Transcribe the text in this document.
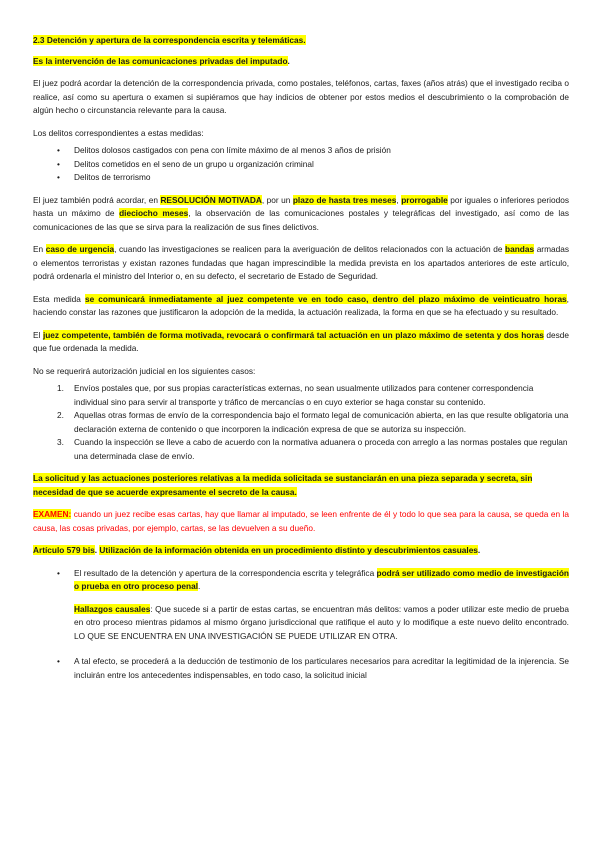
2.3 Detención y apertura de la correspondencia escrita y telemáticas.

Es la intervención de las comunicaciones privadas del imputado.

El juez podrá acordar la detención de la correspondencia privada, como postales, teléfonos, cartas, faxes (años atrás) que el investigado reciba o realice, así como su apertura o examen si supiéramos que hay indicios de obtener por estos medios el descubrimiento o la comprobación de algún hecho o circunstancia relevante para la causa.

Los delitos correspondientes a estas medidas:

• Delitos dolosos castigados con pena con límite máximo de al menos 3 años de prisión
• Delitos cometidos en el seno de un grupo u organización criminal
• Delitos de terrorismo

El juez también podrá acordar, en RESOLUCIÓN MOTIVADA, por un plazo de hasta tres meses, prorrogable por iguales o inferiores periodos hasta un máximo de dieciocho meses, la observación de las comunicaciones postales y telegráficas del investigado, así como de las comunicaciones de las que se sirva para la realización de sus fines delictivos.

En caso de urgencia, cuando las investigaciones se realicen para la averiguación de delitos relacionados con la actuación de bandas armadas o elementos terroristas y existan razones fundadas que hagan imprescindible la medida prevista en los apartados anteriores de este artículo, podrá ordenarla el ministro del Interior o, en su defecto, el secretario de Estado de Seguridad.

Esta medida se comunicará inmediatamente al juez competente ve en todo caso, dentro del plazo máximo de veinticuatro horas, haciendo constar las razones que justificaron la adopción de la medida, la actuación realizada, la forma en que se ha efectuado y su resultado.

El juez competente, también de forma motivada, revocará o confirmará tal actuación en un plazo máximo de setenta y dos horas desde que fue ordenada la medida.

No se requerirá autorización judicial en los siguientes casos:

1. Envíos postales que, por sus propias características externas, no sean usualmente utilizados para contener correspondencia individual sino para servir al transporte y tráfico de mercancías o en cuyo exterior se haga constar su contenido.
2. Aquellas otras formas de envío de la correspondencia bajo el formato legal de comunicación abierta, en las que resulte obligatoria una declaración externa de contenido o que incorporen la indicación expresa de que se autoriza su inspección.
3. Cuando la inspección se lleve a cabo de acuerdo con la normativa aduanera o proceda con arreglo a las normas postales que regulan una determinada clase de envío.

La solicitud y las actuaciones posteriores relativas a la medida solicitada se sustanciarán en una pieza separada y secreta, sin necesidad de que se acuerde expresamente el secreto de la causa.

EXAMEN: cuando un juez recibe esas cartas, hay que llamar al imputado, se leen enfrente de él y todo lo que sea para la causa, se queda en la causa, las cosas privadas, por ejemplo, cartas, se las devuelven a su dueño.

Artículo 579 bis. Utilización de la información obtenida en un procedimiento distinto y descubrimientos casuales.

• El resultado de la detención y apertura de la correspondencia escrita y telegráfica podrá ser utilizado como medio de investigación o prueba en otro proceso penal.

Hallazgos causales: Que sucede si a partir de estas cartas, se encuentran más delitos: vamos a poder utilizar este medio de prueba en otro proceso mientras pidamos al mismo órgano jurisdiccional que ratifique el auto y lo modifique a este nuevo delito encontrado. LO QUE SE ENCUENTRA EN UNA INVESTIGACIÓN SE PUEDE UTILIZAR EN OTRA.

• A tal efecto, se procederá a la deducción de testimonio de los particulares necesarios para acreditar la legitimidad de la injerencia. Se incluirán entre los antecedentes indispensables, en todo caso, la solicitud inicial
